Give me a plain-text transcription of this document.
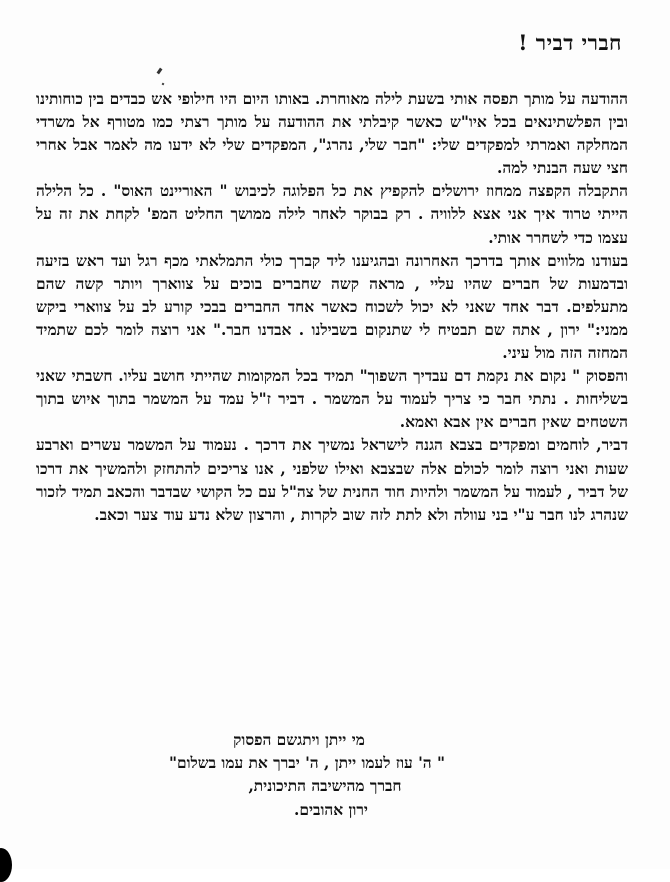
חברי דביר !

ההודעה על מותך תפסה אותי בשעת לילה מאוחרת. באותו היום היו חילופי אש כבדים בין כוחותינו ובין הפלשתינאים בכל איו"ש כאשר קיבלתי את ההודעה על מותך רצתי כמו מטורף אל משרדי המחלקה ואמרתי למפקדים שלי: "חבר שלי, נהרג", המפקדים שלי לא ידעו מה לאמר אבל אחרי חצי שעה הבנתי למה.

התקבלה הקפצה ממחוז ירושלים להקפיץ את כל הפלוגה לכיבוש " האוריינט האוס" . כל הלילה הייתי טרוד איך אני אצא ללוויה . רק בבוקר לאחר לילה ממושך החליט המפ' לקחת את זה על עצמו כדי לשחרר אותי.

בעודנו מלווים אותך בדרכך האחרונה ובהגיענו ליד קברך כולי התמלאתי מכף רגל ועד ראש בזיעה ובדמעות של חברים שהיו עליי , מראה קשה שחברים בוכים על צווארך ויותר קשה שהם מתעלפים. דבר אחד שאני לא יכול לשכוח כאשר אחד החברים בבכי קורע לב על צווארי ביקש ממני:" ירון , אתה שם תבטיח לי שתנקום בשבילנו . אבדנו חבר." אני רוצה לומר לכם שתמיד המחזה הזה מול עיני.

והפסוק " נקום את נקמת דם עבדיך השפוך" תמיד בכל המקומות שהייתי חושב עליו. חשבתי שאני בשליחות . נתתי חבר כי צריך לעמוד על המשמר . דביר ז"ל עמד על המשמר בתוך איוש בתוך השטחים שאין חברים אין אבא ואמא.

דביר, לוחמים ומפקדים בצבא הגנה לישראל נמשיך את דרכך . נעמוד על המשמר עשרים וארבע שעות ואני רוצה לומר לכולם אלה שבצבא ואילו שלפני , אנו צריכים להתחזק ולהמשיך את דרכו של דביר , לעמוד על המשמר ולהיות חוד החנית של צה"ל עם כל הקושי שבדבר והכאב תמיד לזכור שנהרג לנו חבר ע"י בני עוולה ולא לתת לזה שוב לקרות , והרצון שלא נדע עוד צער וכאב.

מי ייתן ויתגשם הפסוק
" ה' עוז לעמו ייתן , ה' יברך את עמו בשלום"
חברך מהישיבה התיכונית,
ירון אהובים.
